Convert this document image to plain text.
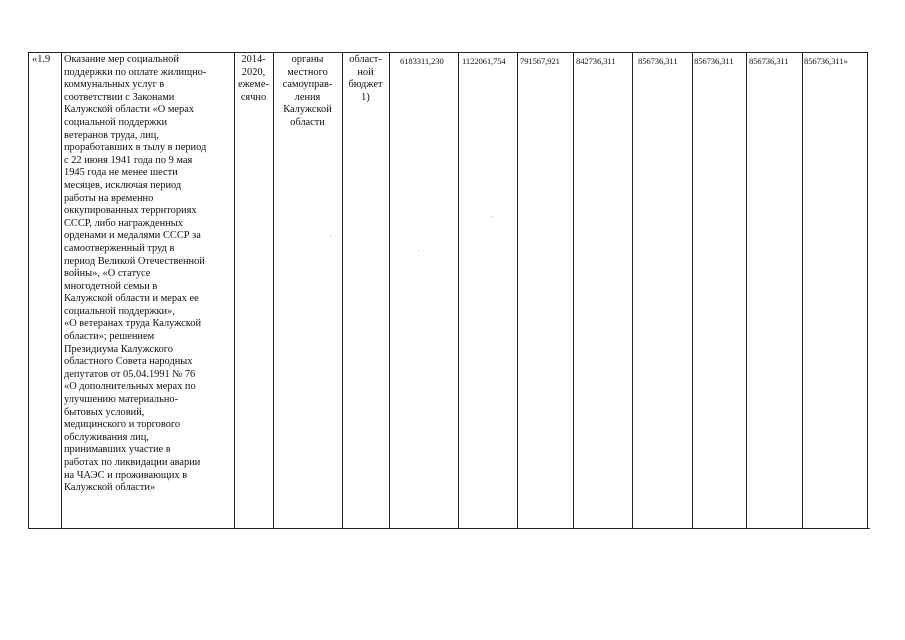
«1.9 Оказание мер социальной
поддержки по оплате жилищно-
коммунальных услуг в
соответствии с Законами
Калужской области «О мерах
социальной поддержки
ветеранов труда, лиц,
проработавших в тылу в период
с 22 июня 1941 года по 9 мая
1945 года не менее шести
месяцев, исключая период
работы на временно
оккупированных территориях
СССР, либо награжденных
орденами и медалями СССР за
самоотверженный труд в
период Великой Отечественной
войны», «О статусе
многодетной семьи в
Калужской области и мерах ее
социальной поддержки»,
«О ветеранах труда Калужской
области»; решением
Президиума Калужского
областного Совета народных
депутатов от 05.04.1991 № 76
«О дополнительных мерах по
улучшению материально-
бытовых условий,
медицинского и торгового
обслуживания лиц,
принимавших участие в
работах по ликвидации аварии
на ЧАЭС и проживающих в
Калужской области»
2014-
2020,
ежеме-
сячно
органы
местного
самоуправ-
ления
Калужской
области
област-
ной
бюджет
1)
6183311,230 1122061,754 791567,921 842736,311	856736,311 856736,311 856736,311 856736,311»
